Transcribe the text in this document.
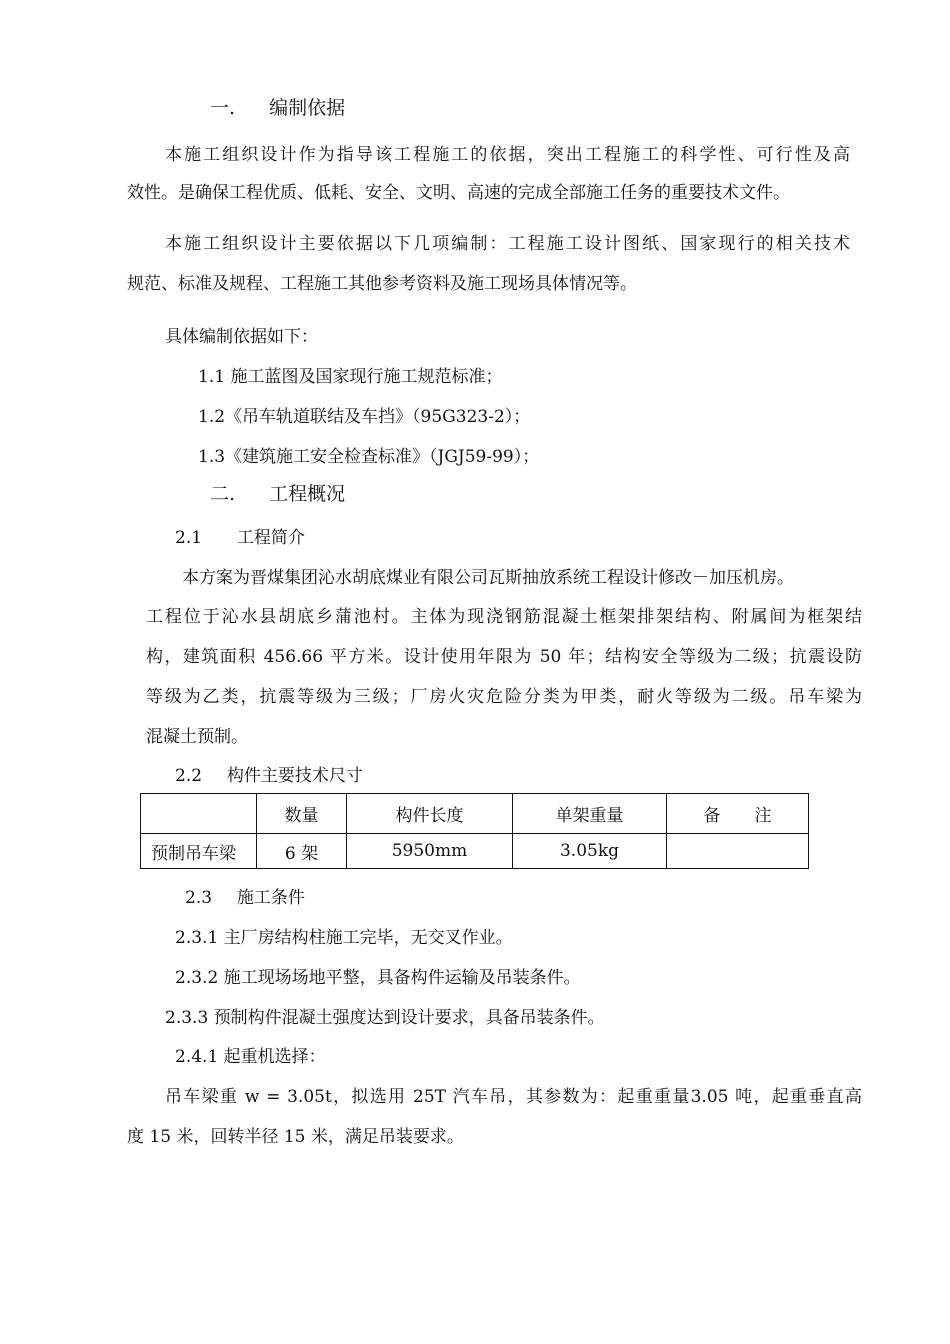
一. 编制依据
本施工组织设计作为指导该工程施工的依据，突出工程施工的科学性、可行性及高
效性。是确保工程优质、低耗、安全、文明、高速的完成全部施工任务的重要技术文件。
本施工组织设计主要依据以下几项编制：工程施工设计图纸、国家现行的相关技术
规范、标准及规程、工程施工其他参考资料及施工现场具体情况等。
具体编制依据如下：
1.1 施工蓝图及国家现行施工规范标准；
1.2《吊车轨道联结及车挡》（95G323-2）；
1.3《建筑施工安全检查标准》（JGJ59-99）；
二. 工程概况
2.1 工程简介
本方案为晋煤集团沁水胡底煤业有限公司瓦斯抽放系统工程设计修改－加压机房。
工程位于沁水县胡底乡蒲池村。主体为现浇钢筋混凝土框架排架结构、附属间为框架结
构，建筑面积 456.66 平方米。设计使用年限为 50 年；结构安全等级为二级；抗震设防
等级为乙类，抗震等级为三级；厂房火灾危险分类为甲类，耐火等级为二级。吊车梁为
混凝土预制。
2.2 构件主要技术尺寸
	数量	构件长度	单架重量	备　　注
预制吊车梁	6 架	5950mm	3.05kg	
2.3 施工条件
2.3.1 主厂房结构柱施工完毕，无交叉作业。
2.3.2 施工现场场地平整，具备构件运输及吊装条件。
2.3.3 预制构件混凝土强度达到设计要求，具备吊装条件。
2.4.1 起重机选择：
吊车梁重 w = 3.05t，拟选用 25T 汽车吊，其参数为：起重重量3.05 吨，起重垂直高
度 15 米，回转半径 15 米，满足吊装要求。
